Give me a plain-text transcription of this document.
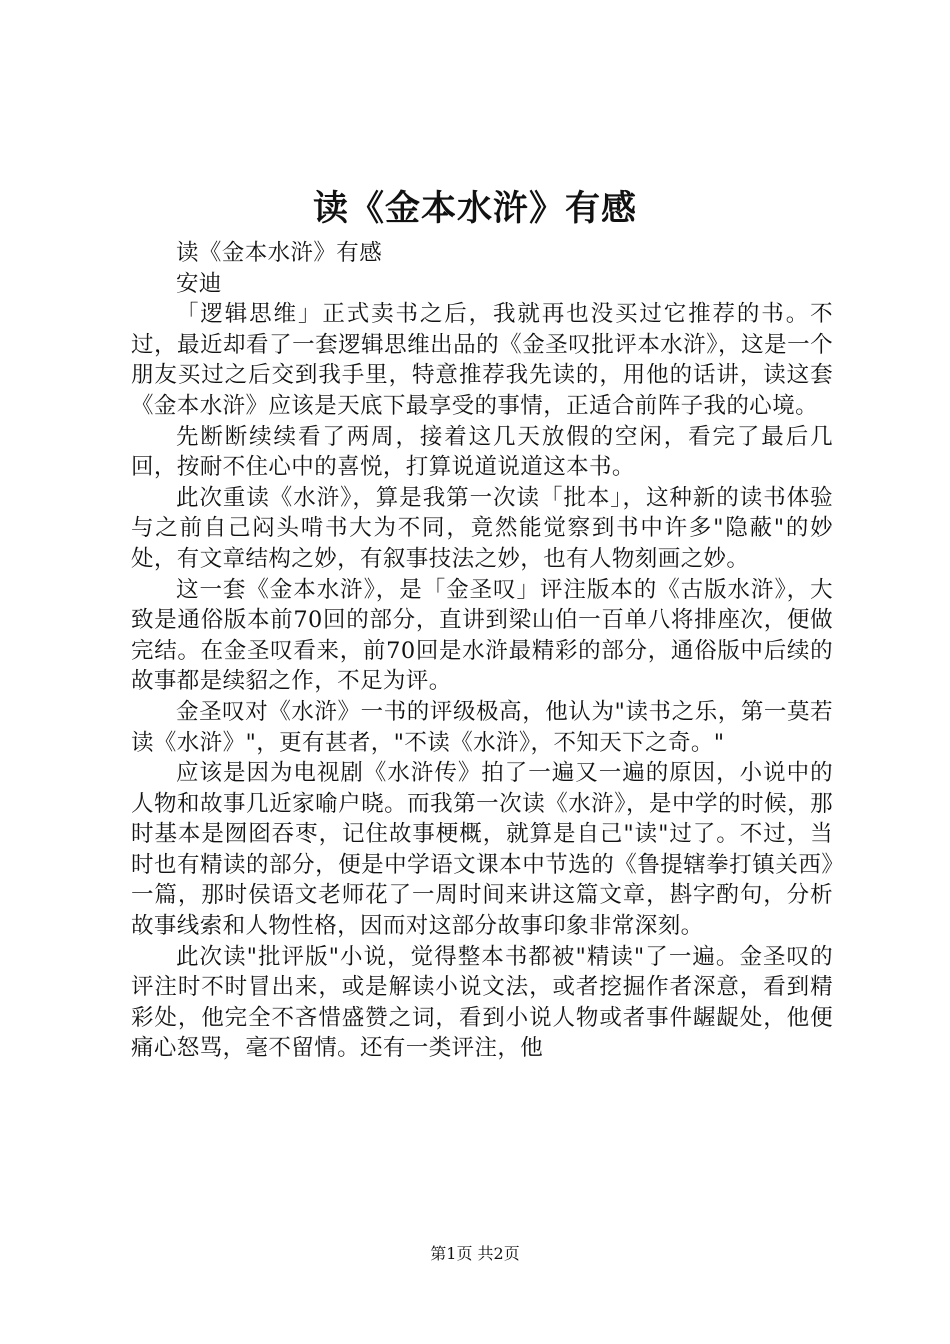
读《金本水浒》有感

读《金本水浒》有感

安迪

「逻辑思维」正式卖书之后，我就再也没买过它推荐的书。不过，最近却看了一套逻辑思维出品的《金圣叹批评本水浒》，这是一个朋友买过之后交到我手里，特意推荐我先读的，用他的话讲，读这套《金本水浒》应该是天底下最享受的事情，正适合前阵子我的心境。

先断断续续看了两周，接着这几天放假的空闲，看完了最后几回，按耐不住心中的喜悦，打算说道说道这本书。

此次重读《水浒》，算是我第一次读「批本」，这种新的读书体验与之前自己闷头啃书大为不同，竟然能觉察到书中许多"隐蔽"的妙处，有文章结构之妙，有叙事技法之妙，也有人物刻画之妙。

这一套《金本水浒》，是「金圣叹」评注版本的《古版水浒》，大致是通俗版本前70回的部分，直讲到梁山伯一百单八将排座次，便做完结。在金圣叹看来，前70回是水浒最精彩的部分，通俗版中后续的故事都是续貂之作，不足为评。

金圣叹对《水浒》一书的评级极高，他认为"读书之乐，第一莫若读《水浒》"，更有甚者，"不读《水浒》，不知天下之奇。"

应该是因为电视剧《水浒传》拍了一遍又一遍的原因，小说中的人物和故事几近家喻户晓。而我第一次读《水浒》，是中学的时候，那时基本是囫囵吞枣，记住故事梗概，就算是自己"读"过了。不过，当时也有精读的部分，便是中学语文课本中节选的《鲁提辖拳打镇关西》一篇，那时侯语文老师花了一周时间来讲这篇文章，斟字酌句，分析故事线索和人物性格，因而对这部分故事印象非常深刻。

此次读"批评版"小说，觉得整本书都被"精读"了一遍。金圣叹的评注时不时冒出来，或是解读小说文法，或者挖掘作者深意，看到精彩处，他完全不吝惜盛赞之词，看到小说人物或者事件龌龊处，他便痛心怒骂，毫不留情。还有一类评注，他

第1页 共2页
